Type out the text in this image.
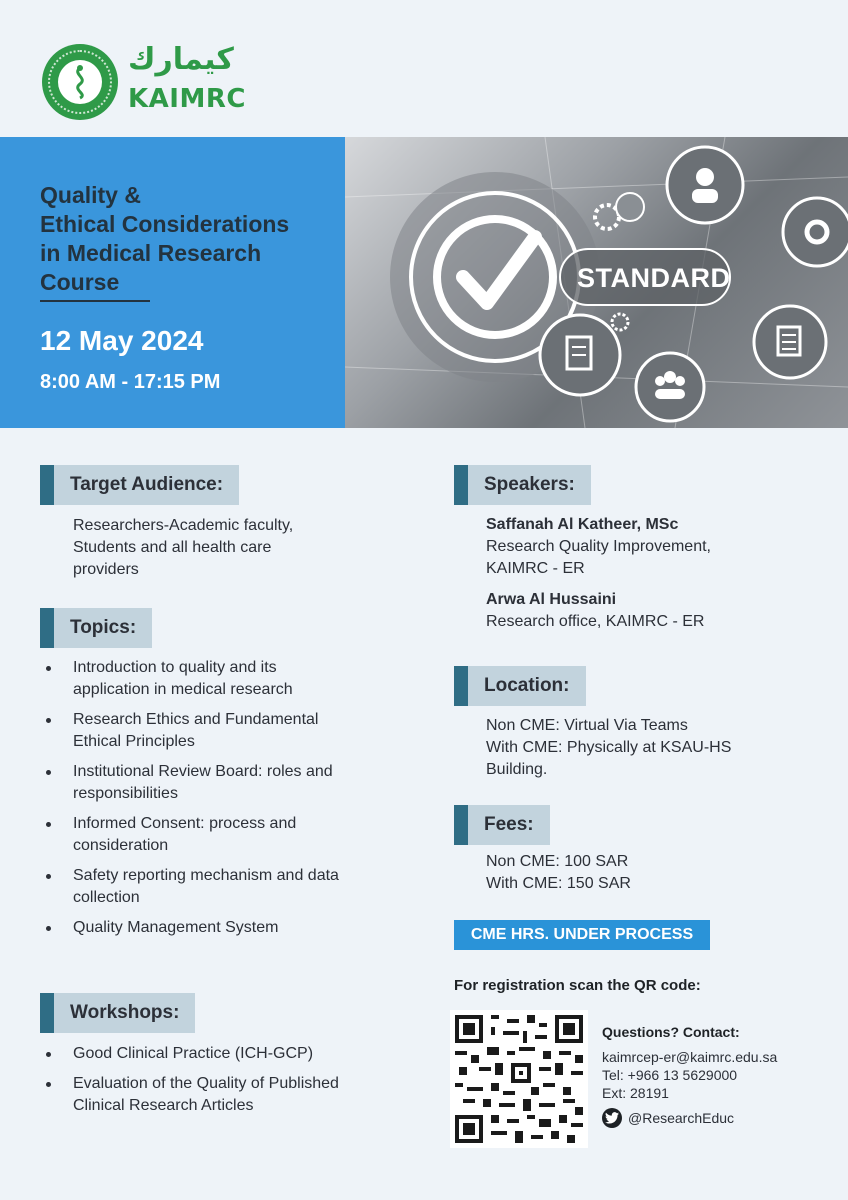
كيمارك
KAIMRC
Quality &
Ethical Considerations
in Medical Research
Course
12 May 2024
8:00 AM - 17:15 PM
STANDARD
Target Audience:
Researchers-Academic faculty,
Students and all health care
providers
Topics:
Introduction to quality and its
application in medical research
Research Ethics and Fundamental
Ethical Principles
Institutional Review Board: roles and
responsibilities
Informed Consent: process and
consideration
Safety reporting mechanism and data
collection
Quality Management System
Workshops:
Good Clinical Practice (ICH-GCP)
Evaluation of the Quality of Published
Clinical Research Articles
Speakers:
Saffanah Al Katheer, MSc
Research Quality Improvement,
KAIMRC - ER
Arwa Al Hussaini
Research office, KAIMRC - ER
Location:
Non CME: Virtual Via Teams
With CME: Physically at KSAU-HS
Building.
Fees:
Non CME: 100 SAR
With CME: 150 SAR
CME HRS. UNDER PROCESS
For registration scan the QR code:
Questions? Contact:
kaimrcep-er@kaimrc.edu.sa
Tel: +966 13 5629000
Ext: 28191
@ResearchEduc
